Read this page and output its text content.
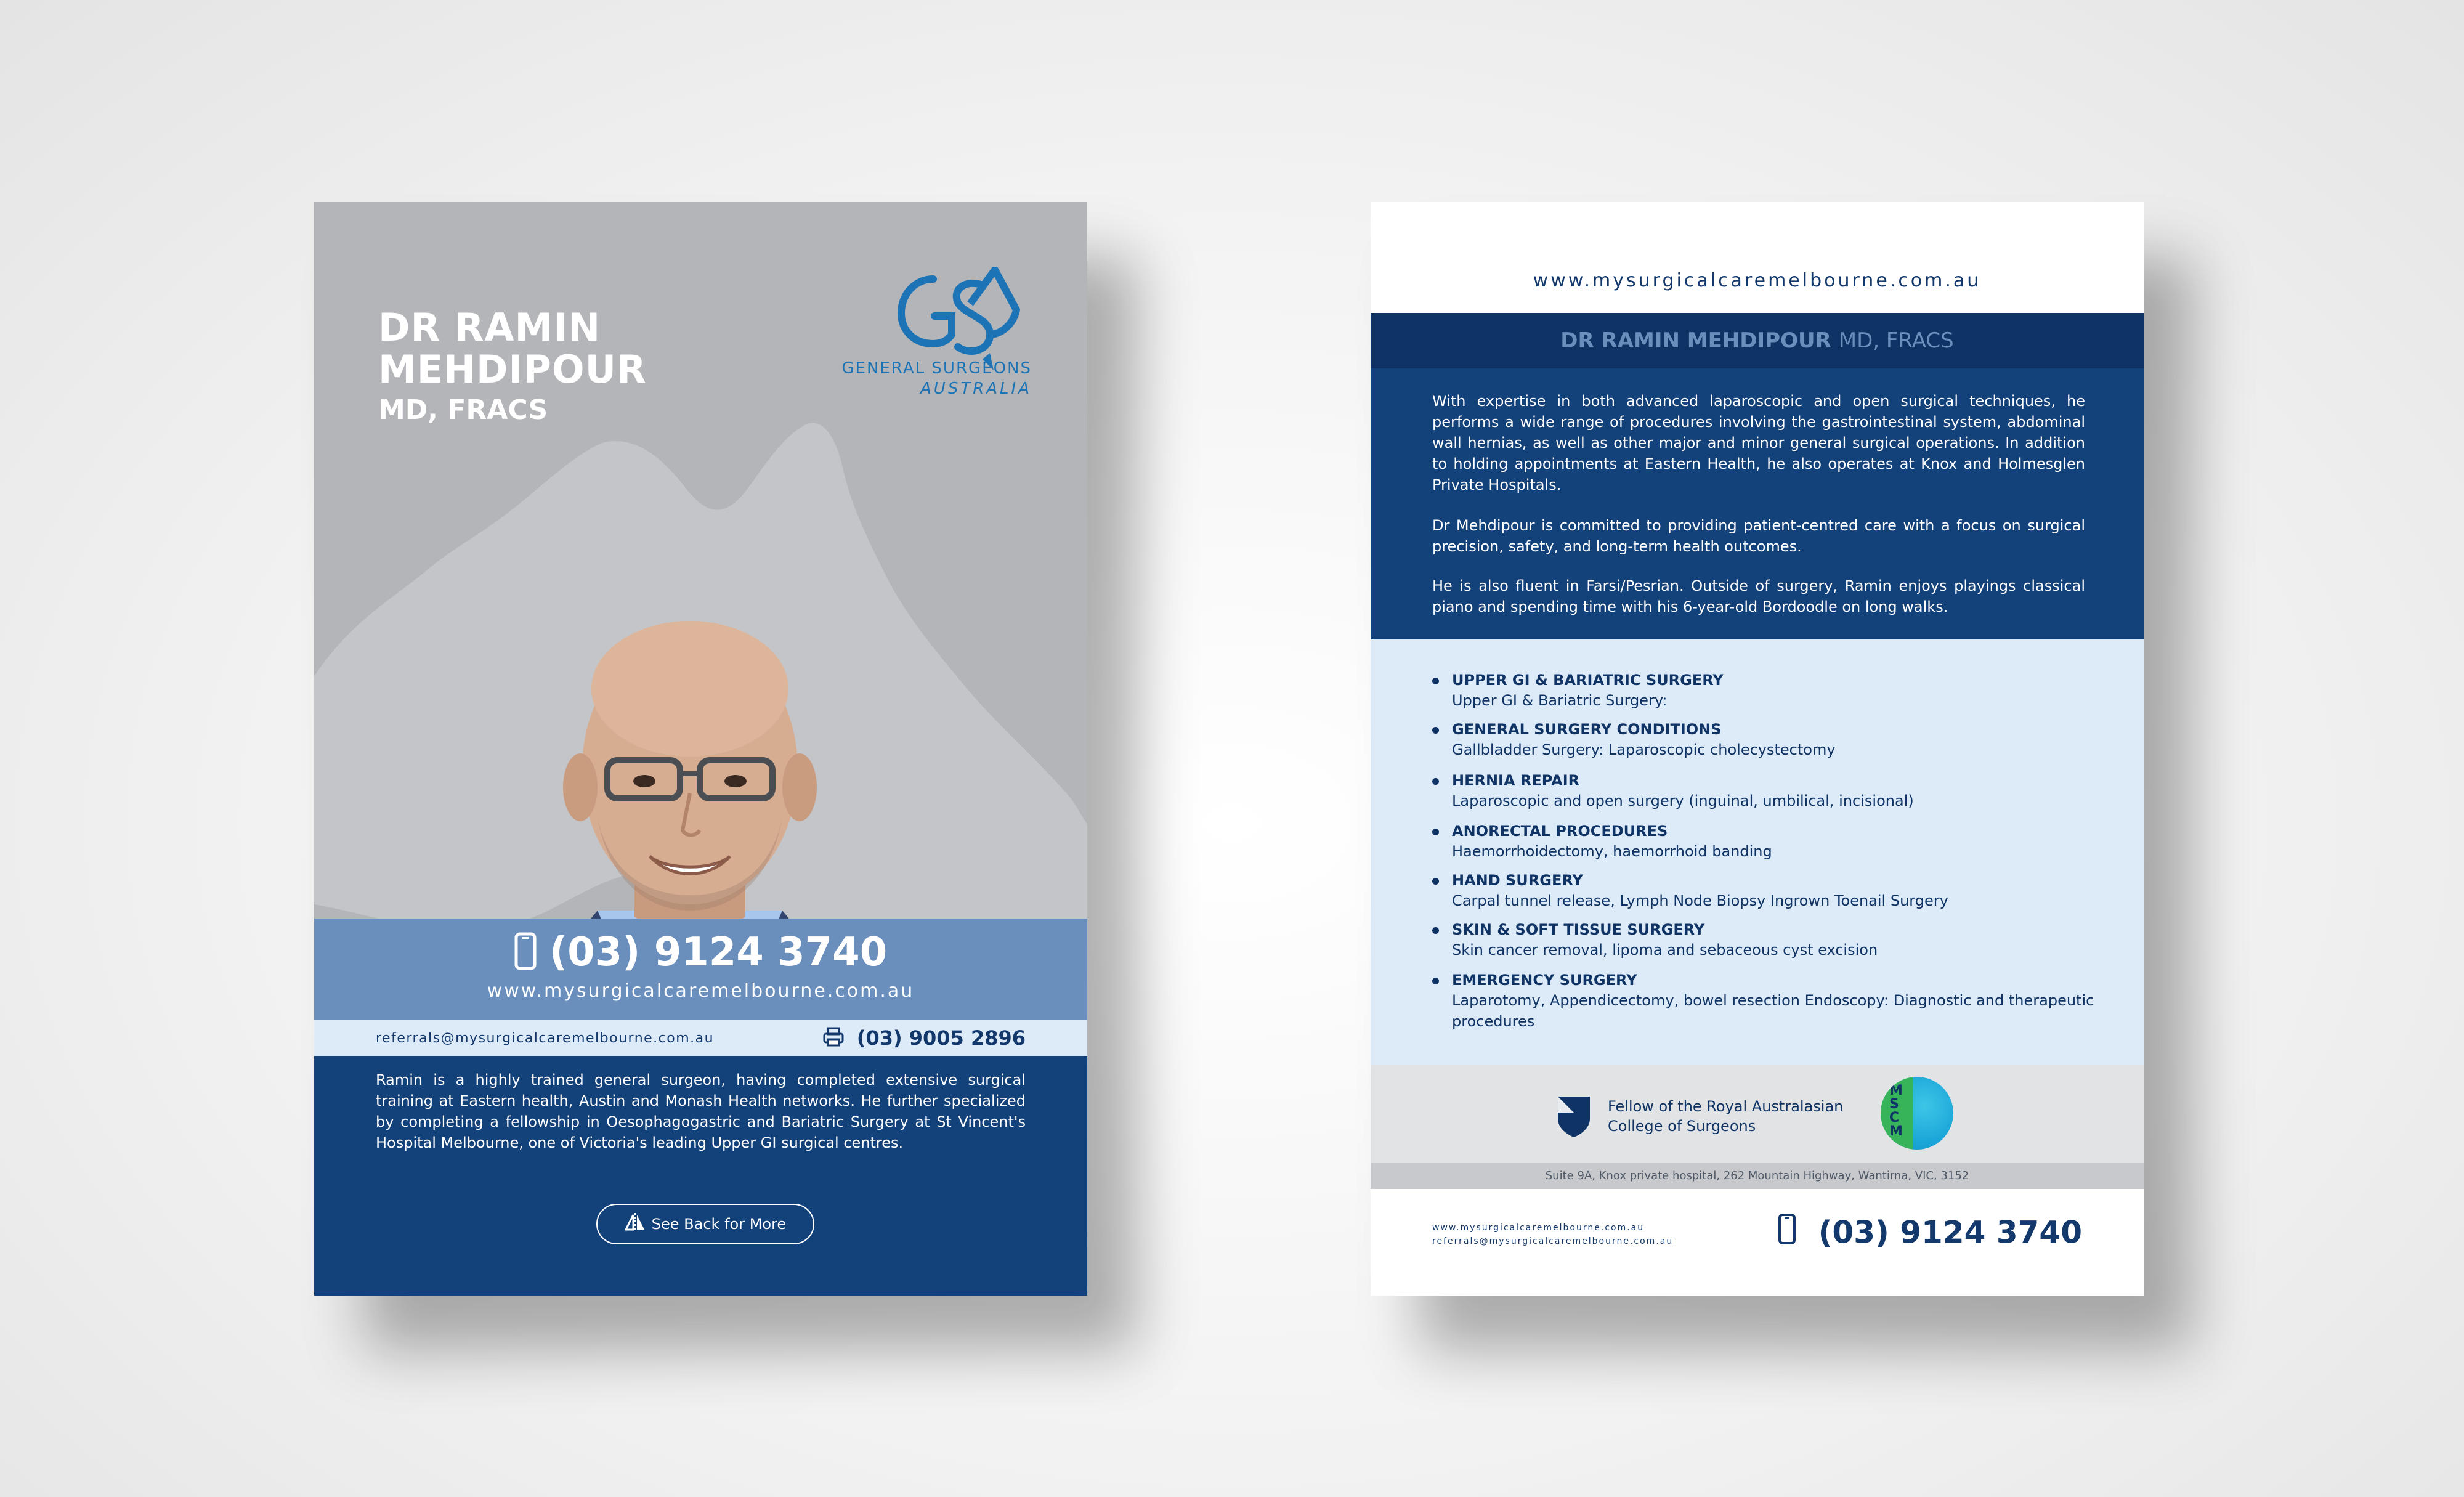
DR RAMIN
MEHDIPOUR
MD, FRACS
GENERAL SURGEONS
AUSTRALIA
(03) 9124 3740
www.mysurgicalcaremelbourne.com.au
referrals@mysurgicalcaremelbourne.com.au	(03) 9005 2896

Ramin is a highly trained general surgeon, having completed extensive surgical training at Eastern health, Austin and Monash Health networks. He further specialized by completing a fellowship in Oesophagogastric and Bariatric Surgery at St Vincent's Hospital Melbourne, one of Victoria's leading Upper GI surgical centres.

See Back for More
www.mysurgicalcaremelbourne.com.au
DR RAMIN MEHDIPOUR MD, FRACS

With expertise in both advanced laparoscopic and open surgical techniques, he performs a wide range of procedures involving the gastrointestinal system, abdominal wall hernias, as well as other major and minor general surgical operations. In addition to holding appointments at Eastern Health, he also operates at Knox and Holmesglen Private Hospitals.

Dr Mehdipour is committed to providing patient-centred care with a focus on surgical precision, safety, and long-term health outcomes.

He is also fluent in Farsi/Pesrian. Outside of surgery, Ramin enjoys playings classical piano and spending time with his 6-year-old Bordoodle on long walks.

UPPER GI & BARIATRIC SURGERY
Upper GI & Bariatric Surgery:
GENERAL SURGERY CONDITIONS
Gallbladder Surgery: Laparoscopic cholecystectomy
HERNIA REPAIR
Laparoscopic and open surgery (inguinal, umbilical, incisional)
ANORECTAL PROCEDURES
Haemorrhoidectomy, haemorrhoid banding
HAND SURGERY
Carpal tunnel release, Lymph Node Biopsy Ingrown Toenail Surgery
SKIN & SOFT TISSUE SURGERY
Skin cancer removal, lipoma and sebaceous cyst excision
EMERGENCY SURGERY
Laparotomy, Appendicectomy, bowel resection Endoscopy: Diagnostic and therapeutic procedures
Fellow of the Royal Australasian
College of Surgeons
MSCM
Suite 9A, Knox private hospital, 262 Mountain Highway, Wantirna, VIC, 3152
www.mysurgicalcaremelbourne.com.au
referrals@mysurgicalcaremelbourne.com.au	(03) 9124 3740
